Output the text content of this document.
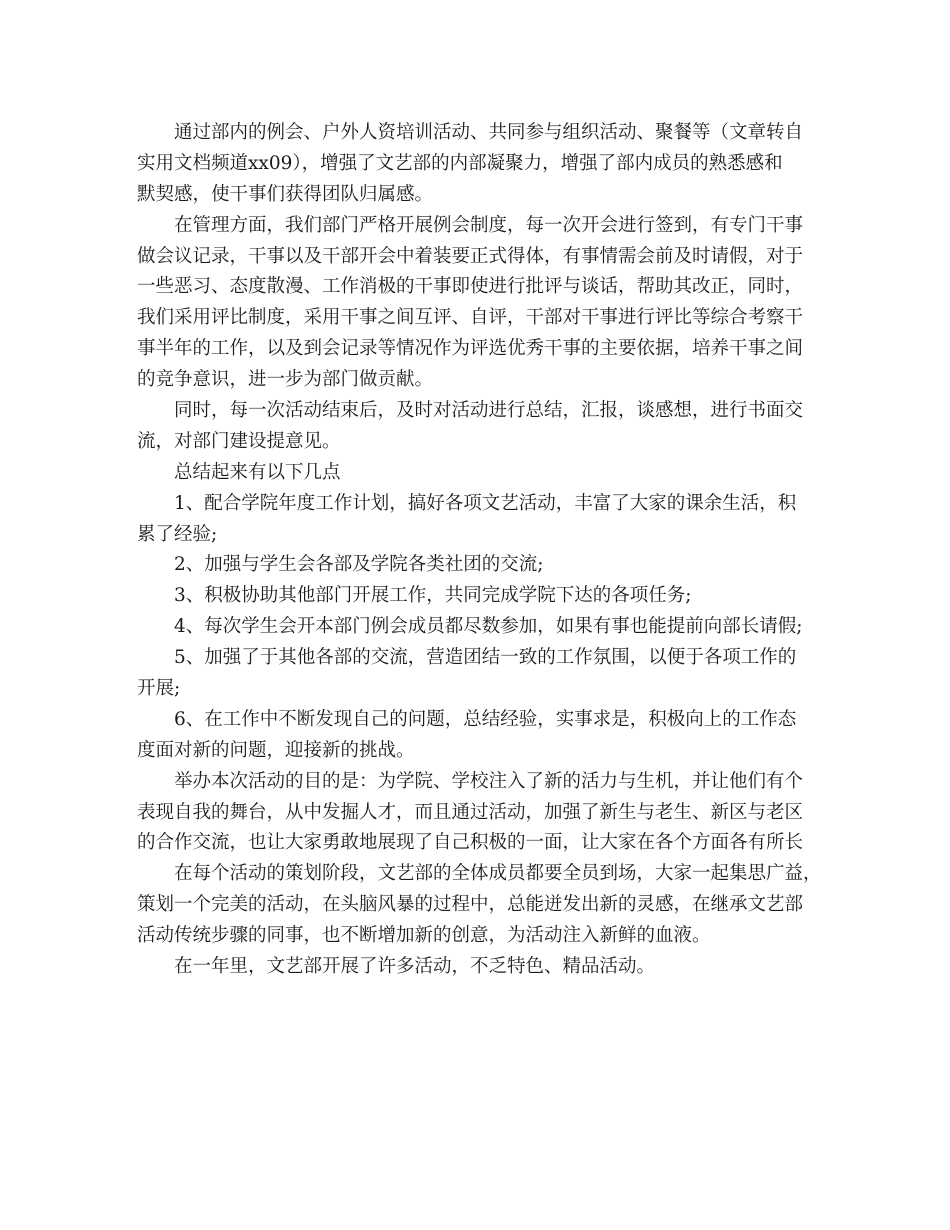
通过部内的例会、户外人资培训活动、共同参与组织活动、聚餐等（文章转自
实用文档频道xx09），增强了文艺部的内部凝聚力，增强了部内成员的熟悉感和
默契感，使干事们获得团队归属感。
在管理方面，我们部门严格开展例会制度，每一次开会进行签到，有专门干事
做会议记录，干事以及干部开会中着装要正式得体，有事情需会前及时请假，对于
一些恶习、态度散漫、工作消极的干事即使进行批评与谈话，帮助其改正，同时，
我们采用评比制度，采用干事之间互评、自评，干部对干事进行评比等综合考察干
事半年的工作，以及到会记录等情况作为评选优秀干事的主要依据，培养干事之间
的竞争意识，进一步为部门做贡献。
同时，每一次活动结束后，及时对活动进行总结，汇报，谈感想，进行书面交
流，对部门建设提意见。
总结起来有以下几点
1、配合学院年度工作计划，搞好各项文艺活动，丰富了大家的课余生活，积
累了经验;
2、加强与学生会各部及学院各类社团的交流;
3、积极协助其他部门开展工作，共同完成学院下达的各项任务;
4、每次学生会开本部门例会成员都尽数参加，如果有事也能提前向部长请假;
5、加强了于其他各部的交流，营造团结一致的工作氛围，以便于各项工作的
开展;
6、在工作中不断发现自己的问题，总结经验，实事求是，积极向上的工作态
度面对新的问题，迎接新的挑战。
举办本次活动的目的是：为学院、学校注入了新的活力与生机，并让他们有个
表现自我的舞台，从中发掘人才，而且通过活动，加强了新生与老生、新区与老区
的合作交流，也让大家勇敢地展现了自己积极的一面，让大家在各个方面各有所长
在每个活动的策划阶段，文艺部的全体成员都要全员到场，大家一起集思广益，
策划一个完美的活动，在头脑风暴的过程中，总能迸发出新的灵感，在继承文艺部
活动传统步骤的同事，也不断增加新的创意，为活动注入新鲜的血液。
在一年里，文艺部开展了许多活动，不乏特色、精品活动。
